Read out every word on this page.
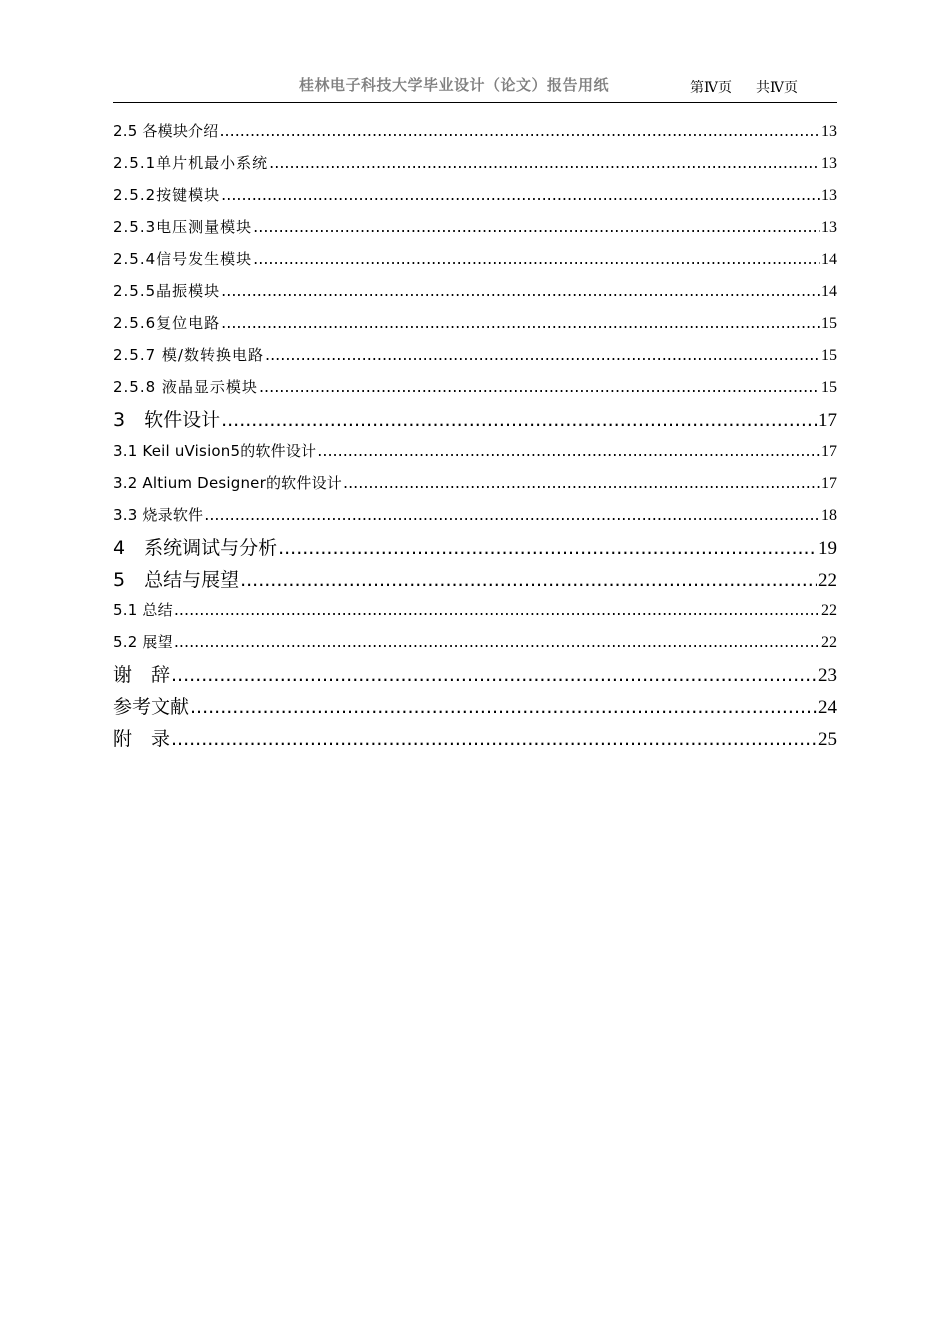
桂林电子科技大学毕业设计（论文）报告用纸	第Ⅳ页 共Ⅳ页
2.5 各模块介绍 .....	13
2.5.1单片机最小系统 .....	13
2.5.2按键模块 .....	13
2.5.3电压测量模块 .....	13
2.5.4信号发生模块 .....	14
2.5.5晶振模块 .....	14
2.5.6复位电路 .....	15
2.5.7 模/数转换电路 .....	15
2.5.8 液晶显示模块 .....	15
3　软件设计 .....	17
3.1 Keil uVision5的软件设计 .....	17
3.2 Altium Designer的软件设计 .....	17
3.3 烧录软件 .....	18
4　系统调试与分析 .....	19
5　总结与展望 .....	22
5.1 总结 .....	22
5.2 展望 .....	22
谢　辞 .....	23
参考文献 .....	24
附　录 .....	25
